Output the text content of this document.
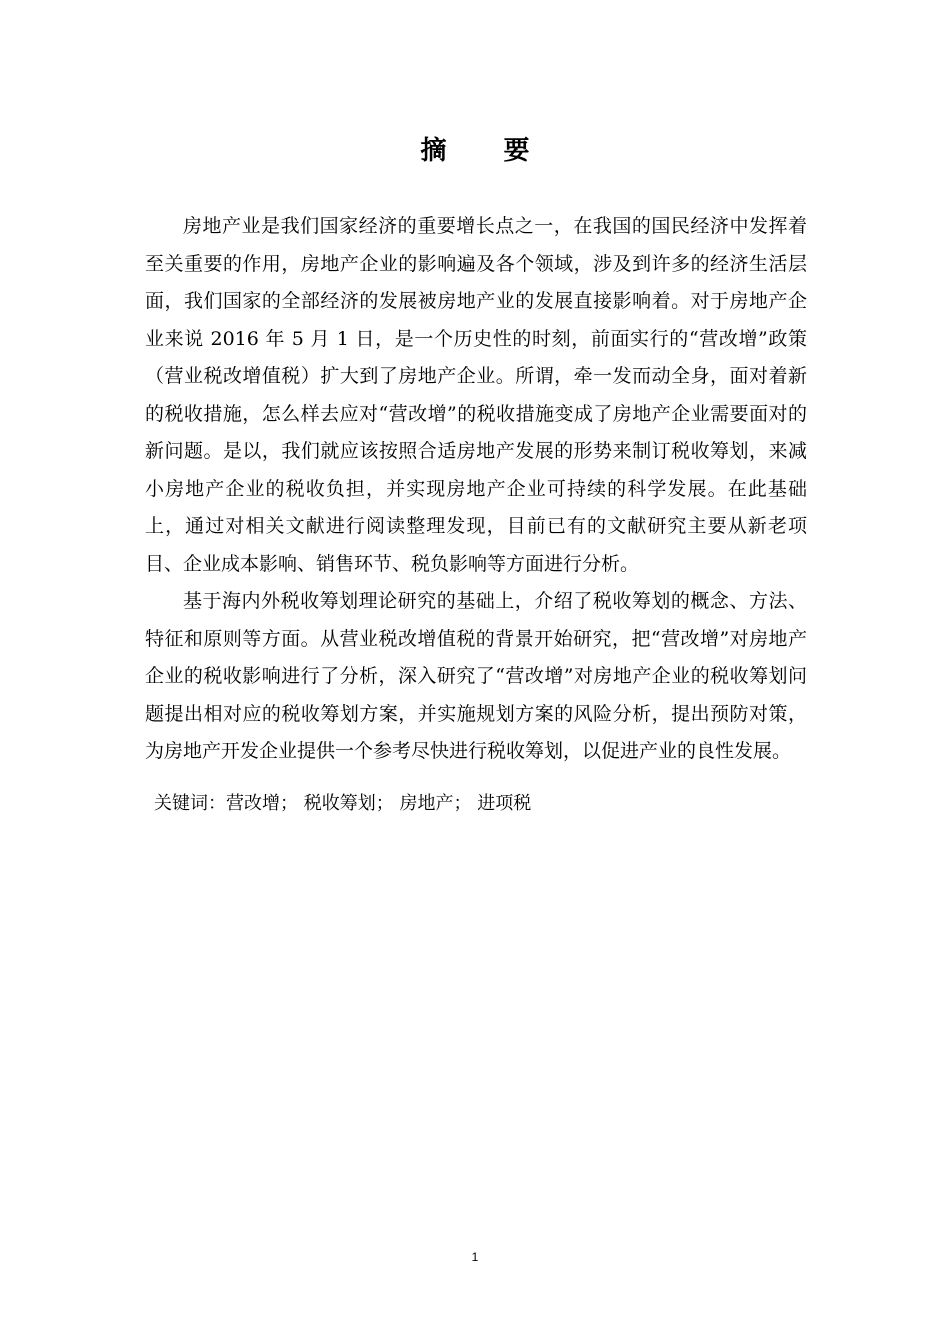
摘 要

房地产业是我们国家经济的重要增长点之一，在我国的国民经济中发挥着至关重要的作用，房地产企业的影响遍及各个领域，涉及到许多的经济生活层面，我们国家的全部经济的发展被房地产业的发展直接影响着。对于房地产企业来说 2016 年 5 月 1 日，是一个历史性的时刻，前面实行的“营改增”政策（营业税改增值税）扩大到了房地产企业。所谓，牵一发而动全身，面对着新的税收措施，怎么样去应对“营改增”的税收措施变成了房地产企业需要面对的新问题。是以，我们就应该按照合适房地产发展的形势来制订税收筹划，来减小房地产企业的税收负担，并实现房地产企业可持续的科学发展。在此基础上，通过对相关文献进行阅读整理发现，目前已有的文献研究主要从新老项目、企业成本影响、销售环节、税负影响等方面进行分析。

基于海内外税收筹划理论研究的基础上，介绍了税收筹划的概念、方法、特征和原则等方面。从营业税改增值税的背景开始研究，把“营改增”对房地产企业的税收影响进行了分析，深入研究了“营改增”对房地产企业的税收筹划问题提出相对应的税收筹划方案，并实施规划方案的风险分析，提出预防对策，为房地产开发企业提供一个参考尽快进行税收筹划，以促进产业的良性发展。

关键词：营改增； 税收筹划； 房地产； 进项税
1
